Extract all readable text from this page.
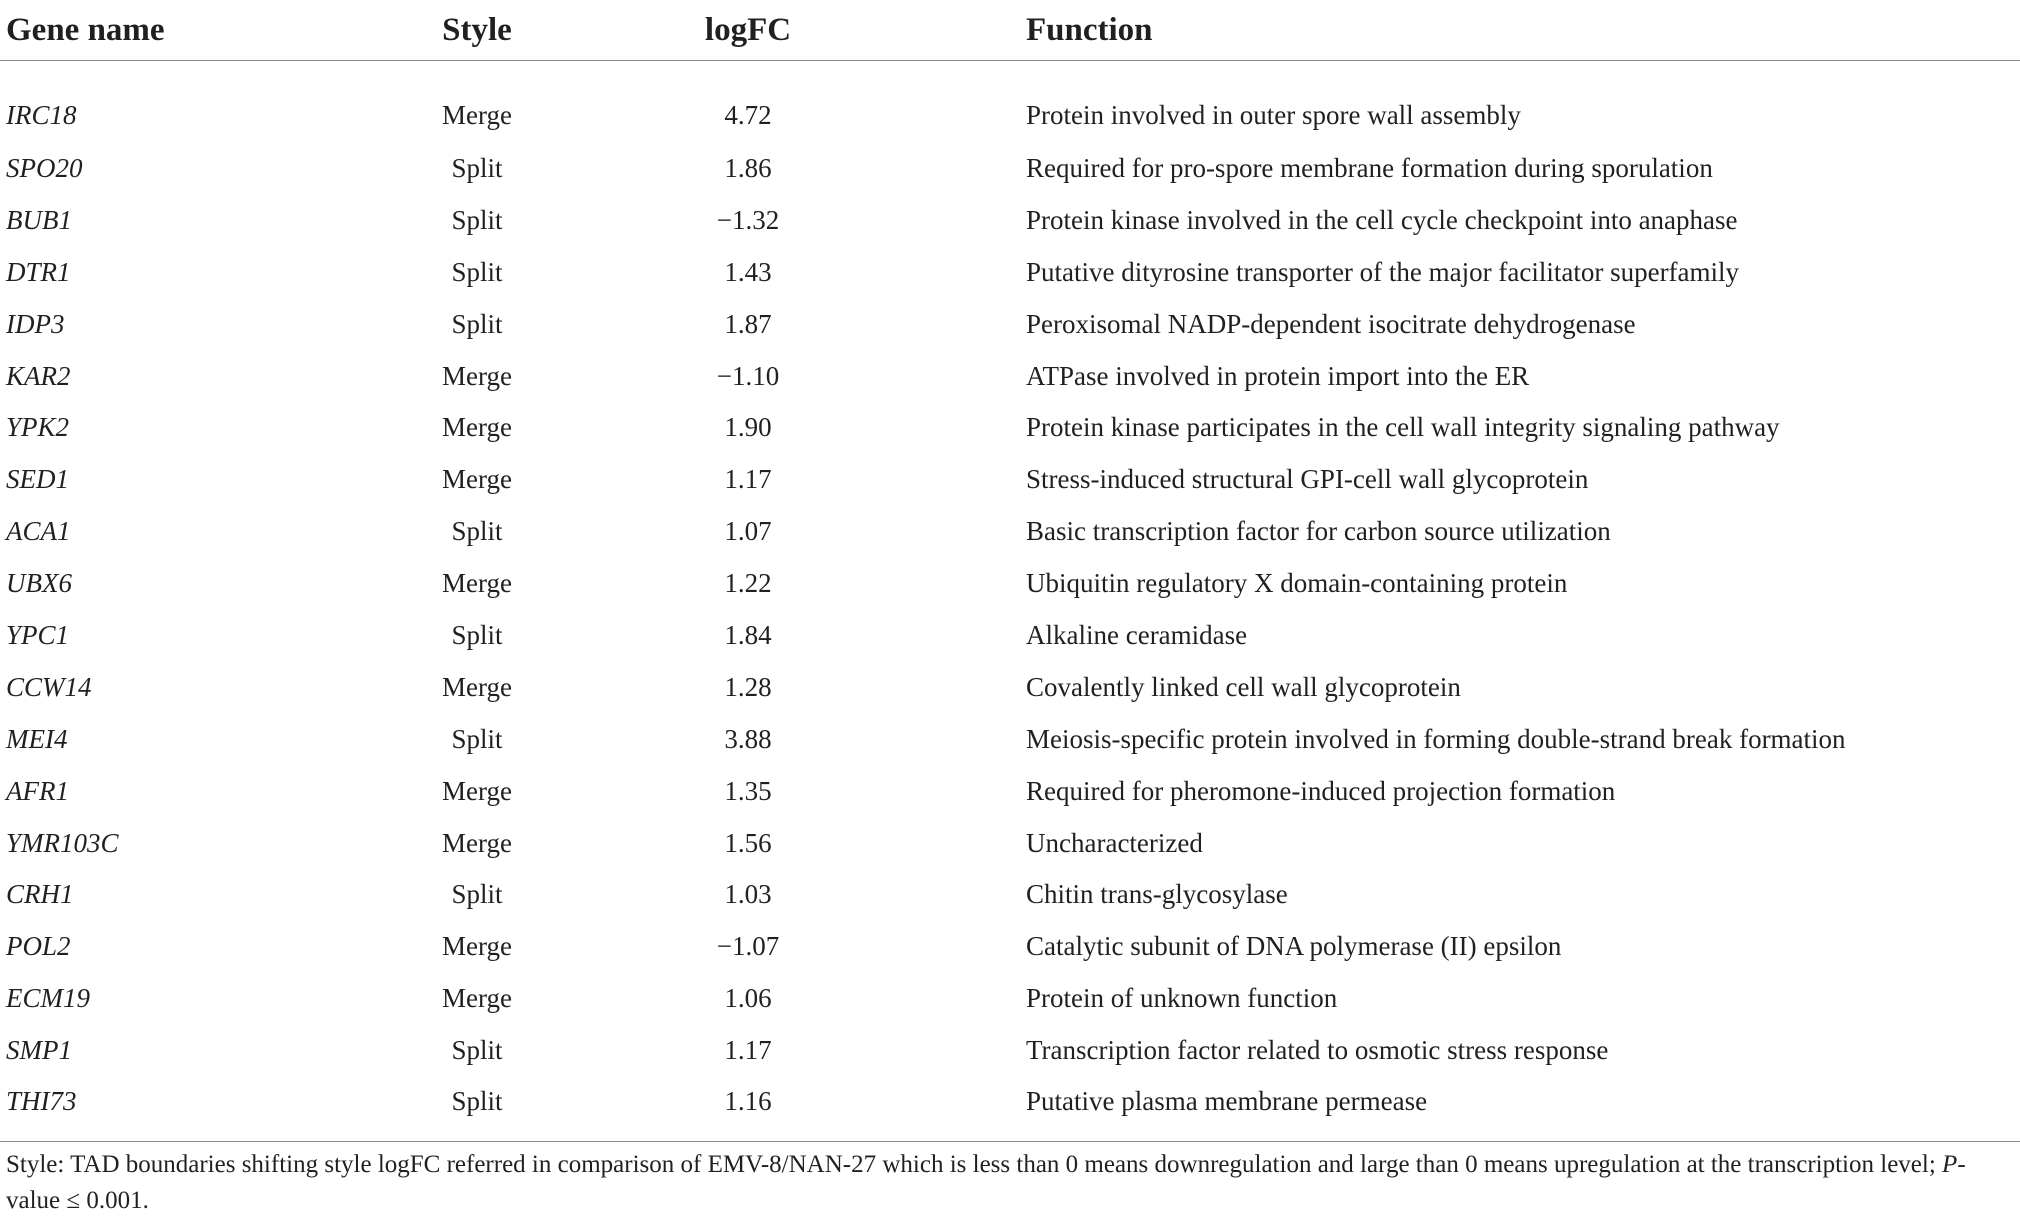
Gene name	Style	logFC	Function
IRC18	Merge	4.72	Protein involved in outer spore wall assembly
SPO20	Split	1.86	Required for pro-spore membrane formation during sporulation
BUB1	Split	−1.32	Protein kinase involved in the cell cycle checkpoint into anaphase
DTR1	Split	1.43	Putative dityrosine transporter of the major facilitator superfamily
IDP3	Split	1.87	Peroxisomal NADP-dependent isocitrate dehydrogenase
KAR2	Merge	−1.10	ATPase involved in protein import into the ER
YPK2	Merge	1.90	Protein kinase participates in the cell wall integrity signaling pathway
SED1	Merge	1.17	Stress-induced structural GPI-cell wall glycoprotein
ACA1	Split	1.07	Basic transcription factor for carbon source utilization
UBX6	Merge	1.22	Ubiquitin regulatory X domain-containing protein
YPC1	Split	1.84	Alkaline ceramidase
CCW14	Merge	1.28	Covalently linked cell wall glycoprotein
MEI4	Split	3.88	Meiosis-specific protein involved in forming double-strand break formation
AFR1	Merge	1.35	Required for pheromone-induced projection formation
YMR103C	Merge	1.56	Uncharacterized
CRH1	Split	1.03	Chitin trans-glycosylase
POL2	Merge	−1.07	Catalytic subunit of DNA polymerase (II) epsilon
ECM19	Merge	1.06	Protein of unknown function
SMP1	Split	1.17	Transcription factor related to osmotic stress response
THI73	Split	1.16	Putative plasma membrane permease
Style: TAD boundaries shifting style logFC referred in comparison of EMV-8/NAN-27 which is less than 0 means downregulation and large than 0 means upregulation at the transcription level; P-value ≤ 0.001.
